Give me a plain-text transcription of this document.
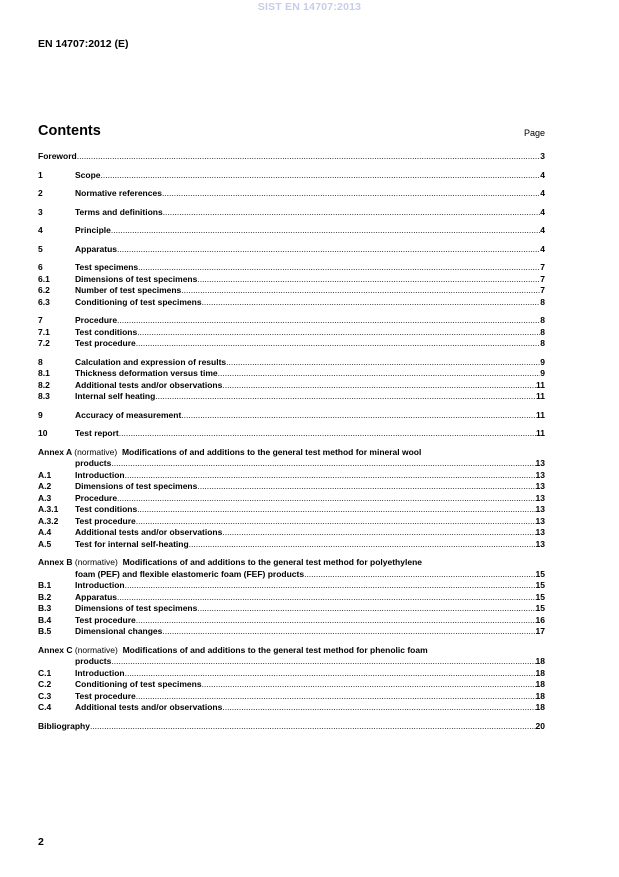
SIST EN 14707:2013
EN 14707:2012 (E)
Contents	Page
Foreword .....	3
1	Scope .....	4
2	Normative references .....	4
3	Terms and definitions .....	4
4	Principle .....	4
5	Apparatus .....	4
6	Test specimens .....	7
6.1	Dimensions of test specimens .....	7
6.2	Number of test specimens .....	7
6.3	Conditioning of test specimens .....	8
7	Procedure .....	8
7.1	Test conditions .....	8
7.2	Test procedure .....	8
8	Calculation and expression of results .....	9
8.1	Thickness deformation versus time .....	9
8.2	Additional tests and/or observations .....	11
8.3	Internal self heating .....	11
9	Accuracy of measurement .....	11
10	Test report .....	11
Annex A (normative) Modifications of and additions to the general test method for mineral wool
products .....	13
A.1	Introduction .....	13
A.2	Dimensions of test specimens .....	13
A.3	Procedure .....	13
A.3.1	Test conditions .....	13
A.3.2	Test procedure .....	13
A.4	Additional tests and/or observations .....	13
A.5	Test for internal self-heating .....	13
Annex B (normative) Modifications of and additions to the general test method for polyethylene
foam (PEF) and flexible elastomeric foam (FEF) products .....	15
B.1	Introduction .....	15
B.2	Apparatus .....	15
B.3	Dimensions of test specimens .....	15
B.4	Test procedure .....	16
B.5	Dimensional changes .....	17
Annex C (normative) Modifications of and additions to the general test method for phenolic foam
products .....	18
C.1	Introduction .....	18
C.2	Conditioning of test specimens .....	18
C.3	Test procedure .....	18
C.4	Additional tests and/or observations .....	18
Bibliography .....	20
2
